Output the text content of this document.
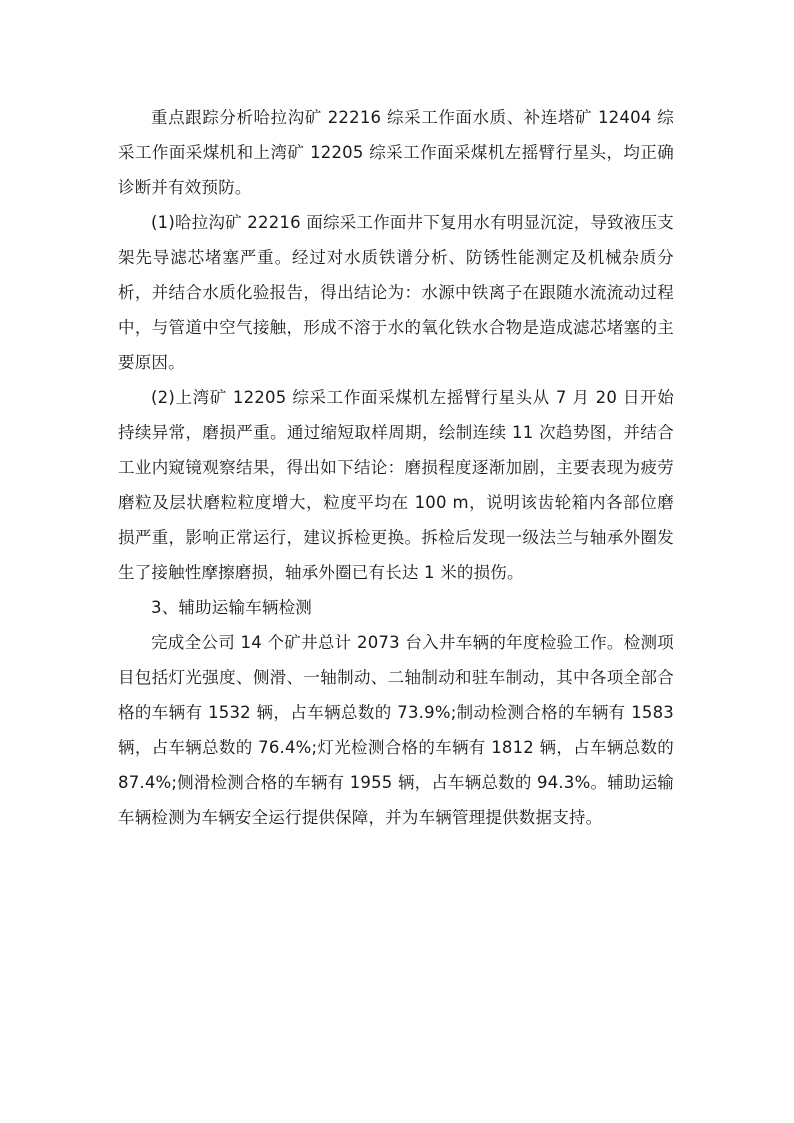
重点跟踪分析哈拉沟矿 22216 综采工作面水质、补连塔矿 12404 综采工作面采煤机和上湾矿 12205 综采工作面采煤机左摇臂行星头，均正确诊断并有效预防。

(1)哈拉沟矿 22216 面综采工作面井下复用水有明显沉淀，导致液压支架先导滤芯堵塞严重。经过对水质铁谱分析、防锈性能测定及机械杂质分析，并结合水质化验报告，得出结论为：水源中铁离子在跟随水流流动过程中，与管道中空气接触，形成不溶于水的氧化铁水合物是造成滤芯堵塞的主要原因。

(2)上湾矿 12205 综采工作面采煤机左摇臂行星头从 7 月 20 日开始持续异常，磨损严重。通过缩短取样周期，绘制连续 11 次趋势图，并结合工业内窥镜观察结果，得出如下结论：磨损程度逐渐加剧，主要表现为疲劳磨粒及层状磨粒粒度增大，粒度平均在 100 m，说明该齿轮箱内各部位磨损严重，影响正常运行，建议拆检更换。拆检后发现一级法兰与轴承外圈发生了接触性摩擦磨损，轴承外圈已有长达 1 米的损伤。

3、辅助运输车辆检测

完成全公司 14 个矿井总计 2073 台入井车辆的年度检验工作。检测项目包括灯光强度、侧滑、一轴制动、二轴制动和驻车制动，其中各项全部合格的车辆有 1532 辆，占车辆总数的 73.9%;制动检测合格的车辆有 1583 辆，占车辆总数的 76.4%;灯光检测合格的车辆有 1812 辆，占车辆总数的 87.4%;侧滑检测合格的车辆有 1955 辆，占车辆总数的 94.3%。辅助运输车辆检测为车辆安全运行提供保障，并为车辆管理提供数据支持。
